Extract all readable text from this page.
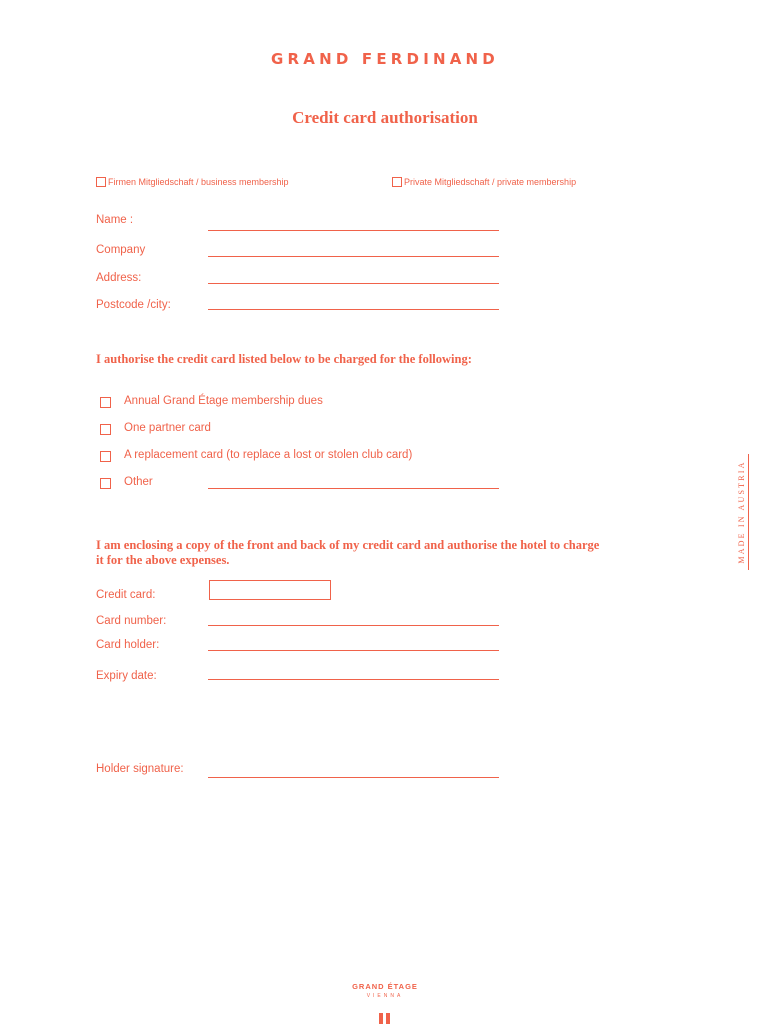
GRAND FERDINAND
Credit card authorisation
Firmen Mitgliedschaft / business membership	Private Mitgliedschaft / private membership
Name :
Company
Address:
Postcode /city:
I authorise the credit card listed below to be charged for the following:
Annual Grand Étage membership dues
One partner card
A replacement card (to replace a lost or stolen club card)
Other	MADE IN AUSTRIA
I am enclosing a copy of the front and back of my credit card and authorise the hotel to charge
it for the above expenses.
Credit card:
Card number:
Card holder:
Expiry date:
Holder signature:
GRAND ÉTAGE
VIENNA
